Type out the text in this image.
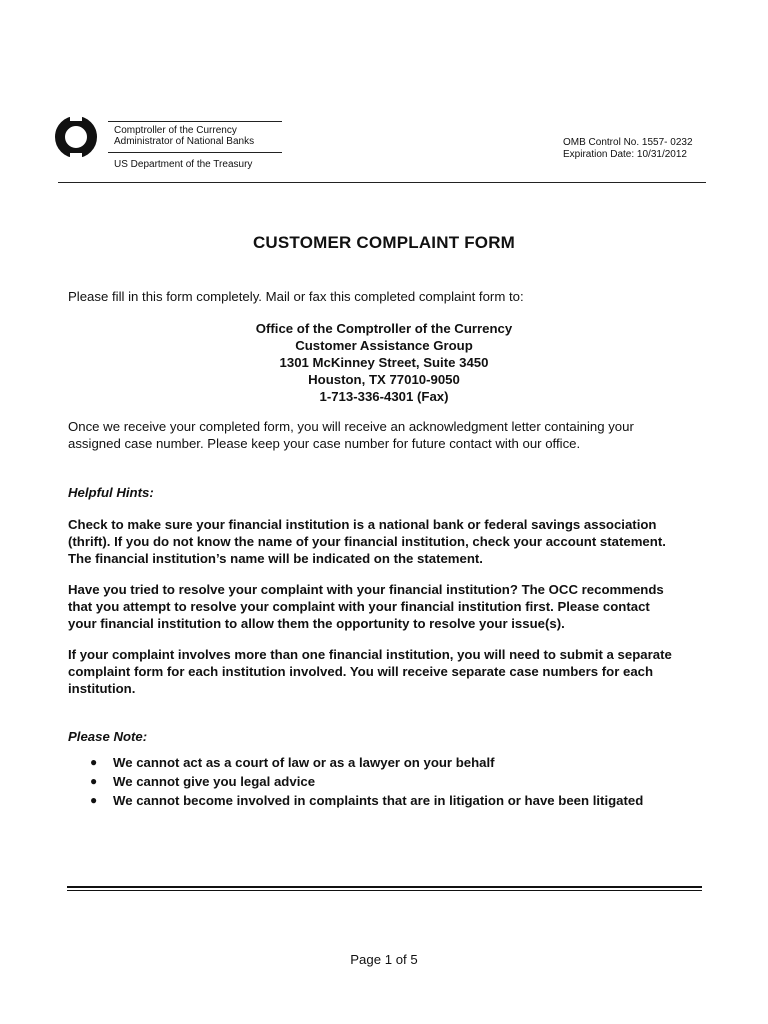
Comptroller of the Currency
Administrator of National Banks
US Department of the Treasury
OMB Control No. 1557- 0232
Expiration Date: 10/31/2012
CUSTOMER COMPLAINT FORM
Please fill in this form completely. Mail or fax this completed complaint form to:
Office of the Comptroller of the Currency
Customer Assistance Group
1301 McKinney Street, Suite 3450
Houston, TX 77010-9050
1-713-336-4301 (Fax)
Once we receive your completed form, you will receive an acknowledgment letter containing your
assigned case number. Please keep your case number for future contact with our office.
Helpful Hints:
Check to make sure your financial institution is a national bank or federal savings association
(thrift). If you do not know the name of your financial institution, check your account statement.
The financial institution’s name will be indicated on the statement.
Have you tried to resolve your complaint with your financial institution? The OCC recommends
that you attempt to resolve your complaint with your financial institution first. Please contact
your financial institution to allow them the opportunity to resolve your issue(s).
If your complaint involves more than one financial institution, you will need to submit a separate
complaint form for each institution involved. You will receive separate case numbers for each
institution.
Please Note:
● We cannot act as a court of law or as a lawyer on your behalf
● We cannot give you legal advice
● We cannot become involved in complaints that are in litigation or have been litigated
Page 1 of 5
